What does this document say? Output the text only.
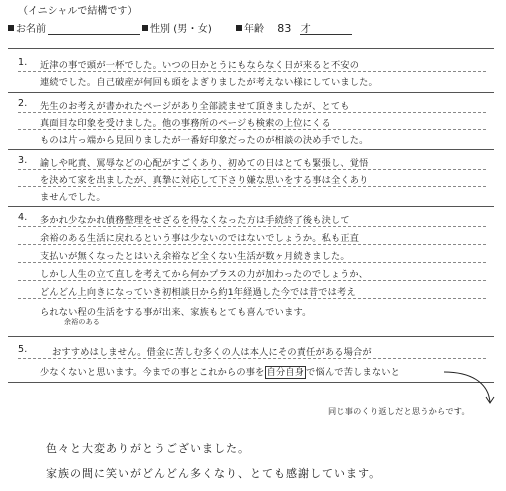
（イニシャルで結構です）
お名前	性別 (男・女)	年齢 83 才
1. 近津の事で頭が一杯でした。いつの日かとうにもならなく日が来ると不安の
連続でした。自己破産が何回も頭をよぎりましたが考えない様にしていました。
2. 先生のお考えが書かれたページがあり全部読ませて頂きましたが、とても
真面目な印象を受けました。他の事務所のページも検索の上位にくる
ものは片っ端から見回りましたが一番好印象だったのが相談の決め手でした。
3. 諭しや叱責、罵辱などの心配がすごくあり、初めての日はとても緊張し、覚悟
を決めて家を出ましたが、真摯に対応して下さり嫌な思いをする事は全くあり
ませんでした。
4. 多かれ少なかれ債務整理をせざるを得なくなった方は手続終了後も決して
余裕のある生活に戻れるという事は少ないのではないでしょうか。私も正直
支払いが無くなったとはいえ余裕など全くない生活が数ヶ月続きました。
しかし人生の立て直しを考えてから何かプラスの力が加わったのでしょうか、
どんどん上向きになっていき初相談日から約1年経過した今では昔では考え
られない程の生活をする事が出来、家族もとても喜んでいます。
余裕のある
5.	おすすめはしません。借金に苦しむ多くの人は本人にその責任がある場合が
少なくないと思います。今までの事とこれからの事を 自分自身 で悩んで苦しまないと
同じ事のくり返しだと思うからです。
色々と大変ありがとうございました。
家族の間に笑いがどんどん多くなり、とても感謝しています。
